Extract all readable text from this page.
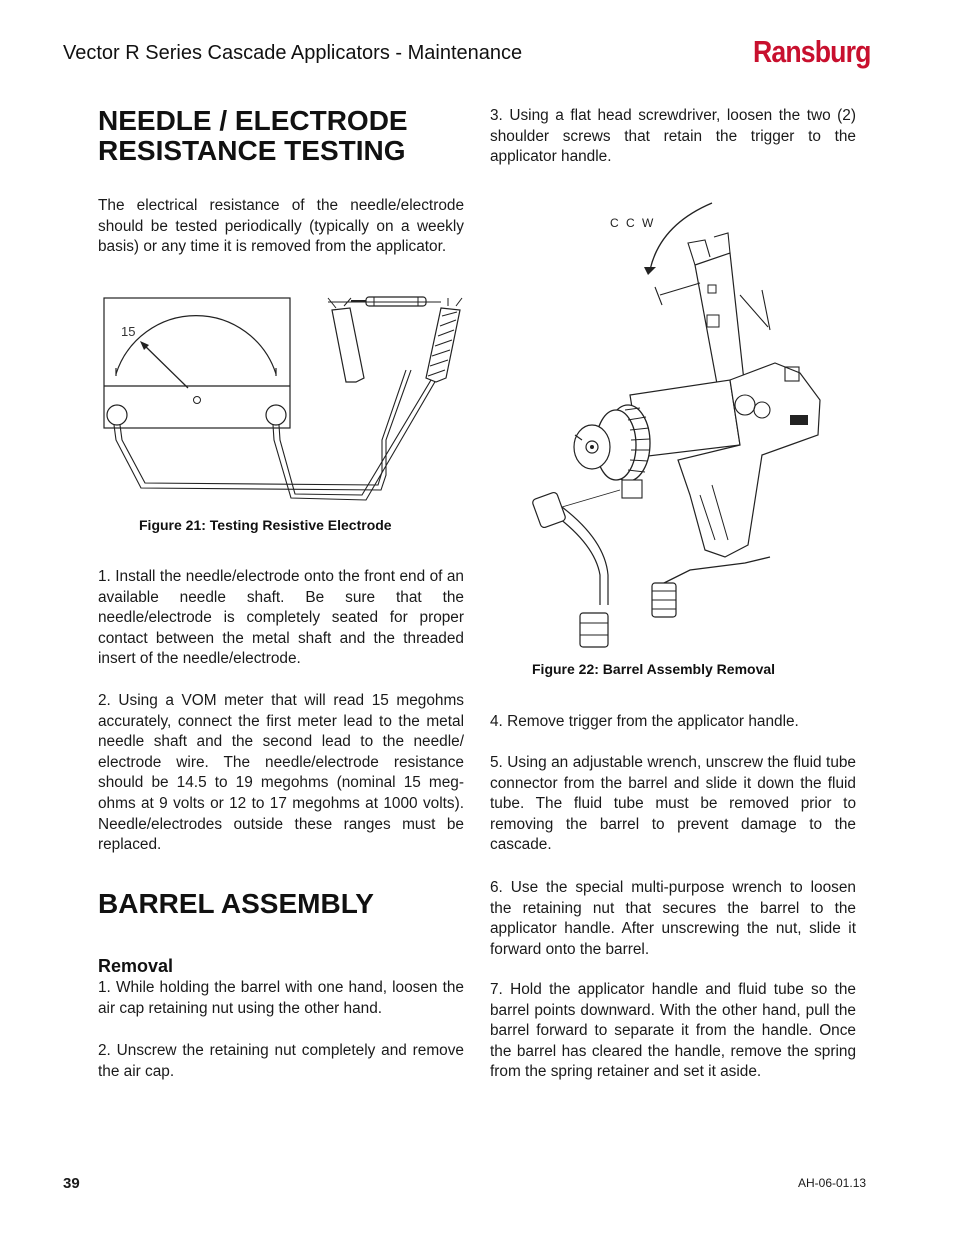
Vector R Series Cascade Applicators - Maintenance	Ransburg
NEEDLE / ELECTRODE
RESISTANCE TESTING

The electrical resistance of the needle/electrode should be tested periodically (typically on a weekly basis) or any time it is removed from the applicator.

15
Figure 21: Testing Resistive Electrode

1. Install the needle/electrode onto the front end of an available needle shaft. Be sure that the needle/electrode is completely seated for proper contact between the metal shaft and the threaded insert of the needle/electrode.

2. Using a VOM meter that will read 15 megohms accurately, connect the first meter lead to the metal needle shaft and the second lead to the needle/ electrode wire. The needle/electrode resistance should be 14.5 to 19 megohms (nominal 15 meg-ohms at 9 volts or 12 to 17 megohms at 1000 volts). Needle/electrodes outside these ranges must be replaced.

BARREL ASSEMBLY
Removal

1. While holding the barrel with one hand, loosen the air cap retaining nut using the other hand.

2. Unscrew the retaining nut completely and remove the air cap.

3. Using a flat head screwdriver, loosen the two (2) shoulder screws that retain the trigger to the applicator handle.

C C W
Figure 22: Barrel Assembly Removal

4. Remove trigger from the applicator handle.

5. Using an adjustable wrench, unscrew the fluid tube connector from the barrel and slide it down the fluid tube. The fluid tube must be removed prior to removing the barrel to prevent damage to the cascade.

6. Use the special multi-purpose wrench to loosen the retaining nut that secures the barrel to the applicator handle. After unscrewing the nut, slide it forward onto the barrel.

7. Hold the applicator handle and fluid tube so the barrel points downward. With the other hand, pull the barrel forward to separate it from the handle. Once the barrel has cleared the handle, remove the spring from the spring retainer and set it aside.

39	AH-06-01.13
